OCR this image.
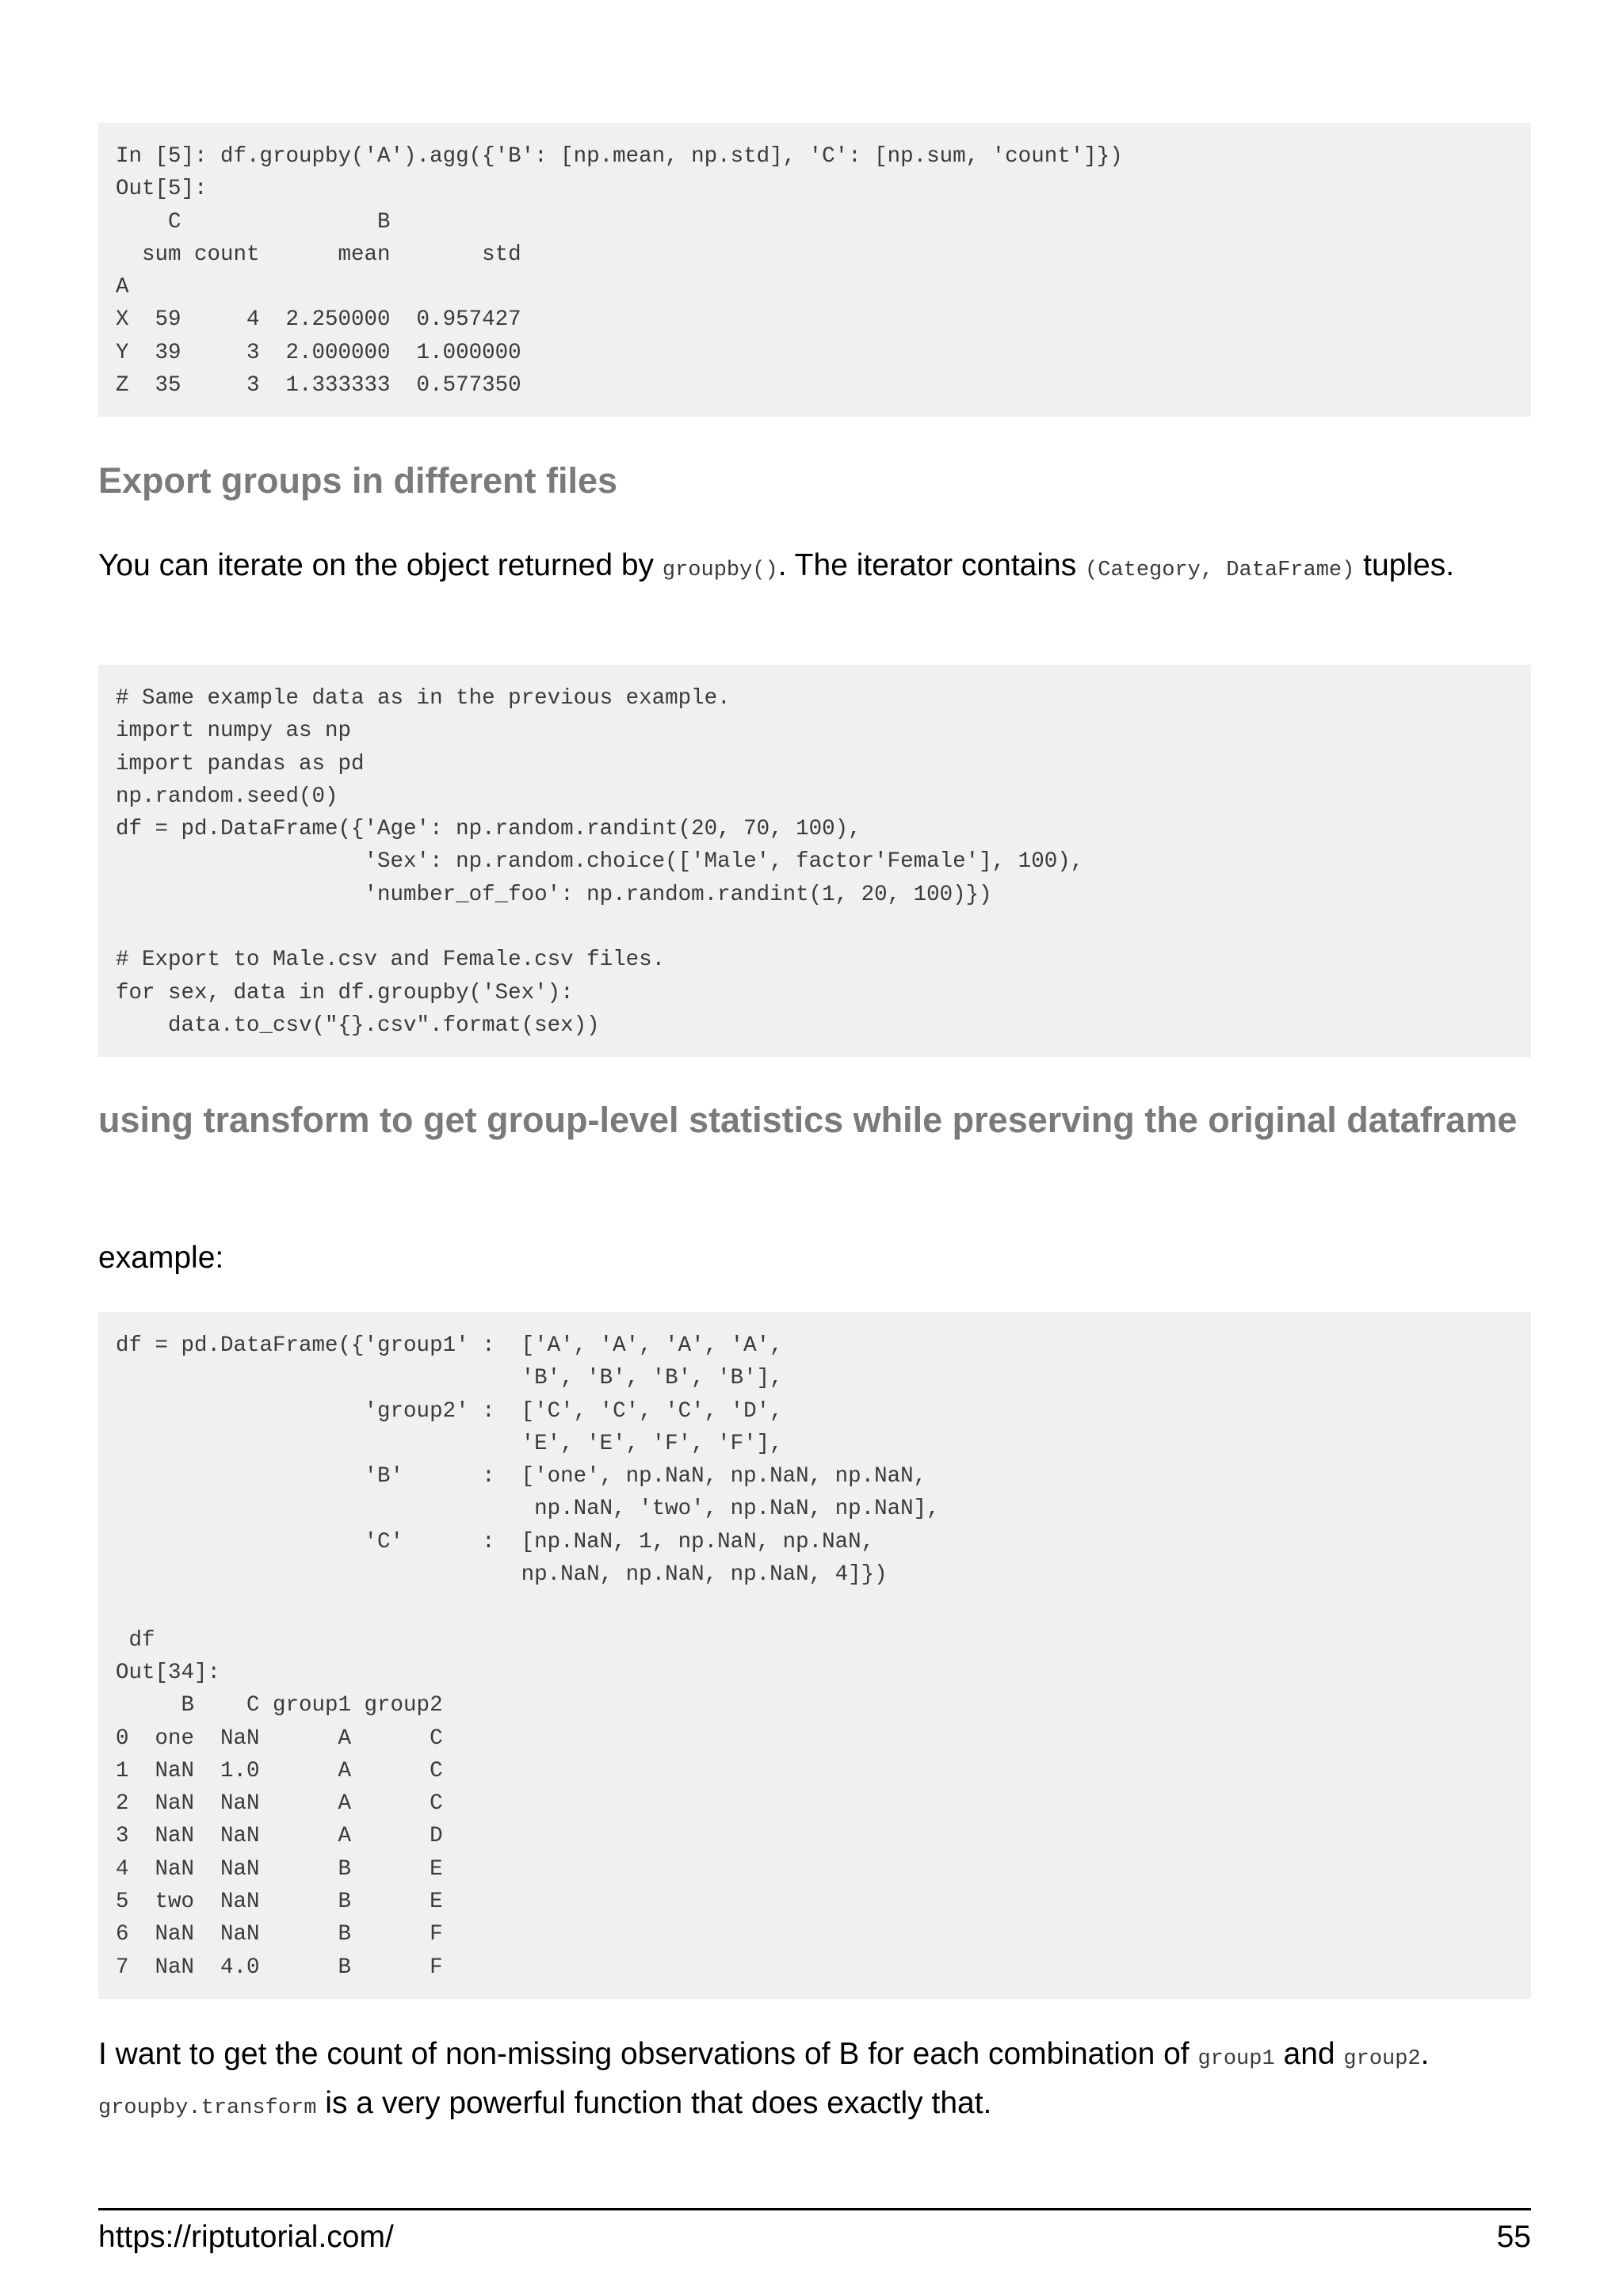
In [5]: df.groupby('A').agg({'B': [np.mean, np.std], 'C': [np.sum, 'count']})
Out[5]:
C               B
sum count      mean       std
A
X  59     4  2.250000  0.957427
Y  39     3  2.000000  1.000000
Z  35     3  1.333333  0.577350
Export groups in different files

You can iterate on the object returned by groupby(). The iterator contains (Category, DataFrame) tuples.

# Same example data as in the previous example.
import numpy as np
import pandas as pd
np.random.seed(0)
df = pd.DataFrame({'Age': np.random.randint(20, 70, 100),
'Sex': np.random.choice(['Male', factor'Female'], 100),
'number_of_foo': np.random.randint(1, 20, 100)})

# Export to Male.csv and Female.csv files.
for sex, data in df.groupby('Sex'):
data.to_csv("{}.csv".format(sex))
using transform to get group-level statistics while preserving the original dataframe

example:

df = pd.DataFrame({'group1' :  ['A', 'A', 'A', 'A',
'B', 'B', 'B', 'B'],
'group2' :  ['C', 'C', 'C', 'D',
'E', 'E', 'F', 'F'],
'B'      :  ['one', np.NaN, np.NaN, np.NaN,
np.NaN, 'two', np.NaN, np.NaN],
'C'      :  [np.NaN, 1, np.NaN, np.NaN,
np.NaN, np.NaN, np.NaN, 4]})

df
Out[34]:
B    C group1 group2
0  one  NaN      A      C
1  NaN  1.0      A      C
2  NaN  NaN      A      C
3  NaN  NaN      A      D
4  NaN  NaN      B      E
5  two  NaN      B      E
6  NaN  NaN      B      F
7  NaN  4.0      B      F

I want to get the count of non-missing observations of B for each combination of group1 and group2. groupby.transform is a very powerful function that does exactly that.

https://riptutorial.com/	55
